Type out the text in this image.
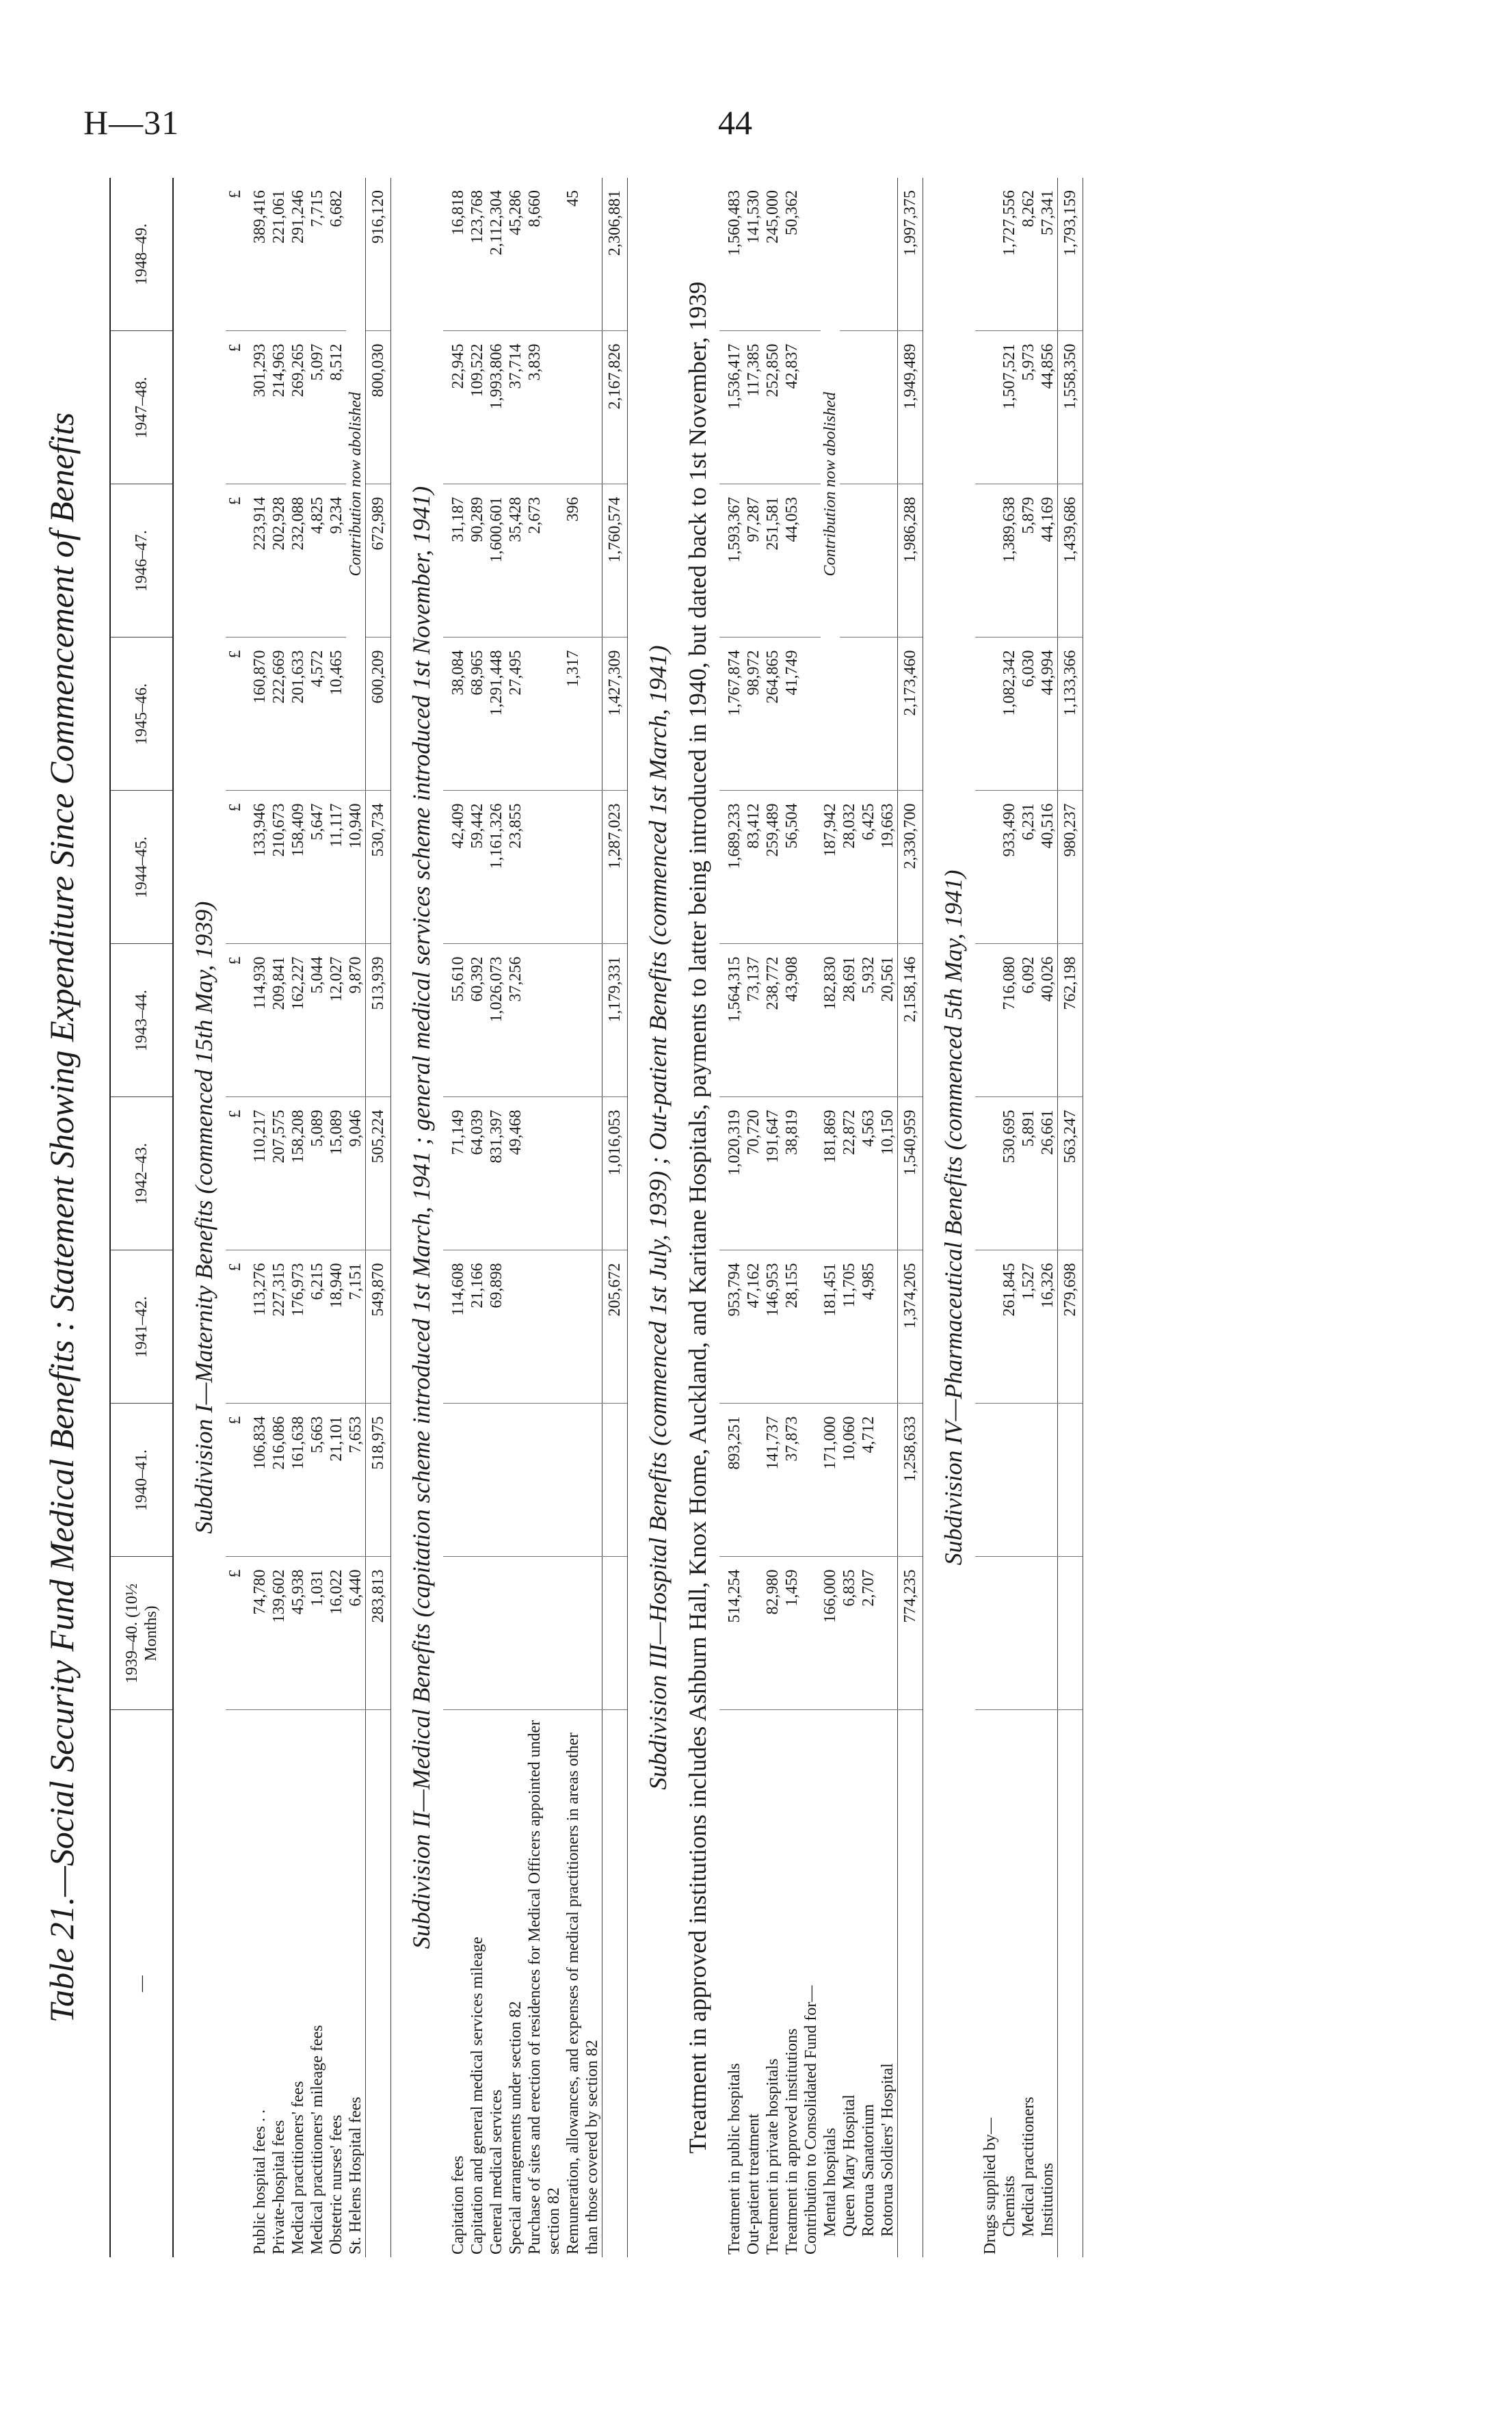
H—31	44
Table 21.—Social Security Fund Medical Benefits : Statement Showing Expenditure Since Commencement of Benefits	—	1939–40. (10½ Months)	1940–41.	1941–42.	1942–43.	1943–44.	1944–45.	1945–46.	1946–47.	1947–48.	1948–49.
Subdivision I—Maternity Benefits (commenced 15th May, 1939)										
	£	£	£	£	£	£	£	£	£	£
Public hospital fees . .	74,780	106,834	113,276	110,217	114,930	133,946	160,870	223,914	301,293	389,416
Private-hospital fees	139,602	216,086	227,315	207,575	209,841	210,673	222,669	202,928	214,963	221,061
Medical practitioners' fees	45,938	161,638	176,973	158,208	162,227	158,409	201,633	232,088	269,265	291,246
Medical practitioners' mileage fees	1,031	5,663	6,215	5,089	5,044	5,647	4,572	4,825	5,097	7,715
Obstetric nurses' fees	16,022	21,101	18,940	15,089	12,027	11,117	10,465	9,234	8,512	6,682
St. Helens Hospital fees	6,440	7,653	7,151	9,046	9,870	10,940	Contribution now abolished			
	283,813	518,975	549,870	505,224	513,939	530,734	600,209	672,989	800,030	916,120
Subdivision II—Medical Benefits (capitation scheme introduced 1st March, 1941 ; general medical services scheme introduced 1st November, 1941)										
Capitation fees			114,608	71,149	55,610	42,409	38,084	31,187	22,945	16,818
Capitation and general medical services mileage			21,166	64,039	60,392	59,442	68,965	90,289	109,522	123,768
General medical services			69,898	831,397	1,026,073	1,161,326	1,291,448	1,600,601	1,993,806	2,112,304
Special arrangements under section 82				49,468	37,256	23,855	27,495	35,428	37,714	45,286
Purchase of sites and erection of residences for Medical Officers appointed under section 82								2,673	3,839	8,660
Remuneration, allowances, and expenses of medical practitioners in areas other than those covered by section 82							1,317	396		45
			205,672	1,016,053	1,179,331	1,287,023	1,427,309	1,760,574	2,167,826	2,306,881
Subdivision III—Hospital Benefits (commenced 1st July, 1939) ; Out-patient Benefits (commenced 1st March, 1941)										
Treatment in approved institutions includes Ashburn Hall, Knox Home, Auckland, and Karitane Hospitals, payments to latter being introduced in 1940, but dated back to 1st November, 1939										
Treatment in public hospitals	514,254	893,251	953,794	1,020,319	1,564,315	1,689,233	1,767,874	1,593,367	1,536,417	1,560,483
Out-patient treatment			47,162	70,720	73,137	83,412	98,972	97,287	117,385	141,530
Treatment in private hospitals	82,980	141,737	146,953	191,647	238,772	259,489	264,865	251,581	252,850	245,000
Treatment in approved institutions	1,459	37,873	28,155	38,819	43,908	56,504	41,749	44,053	42,837	50,362
Contribution to Consolidated Fund for—										
Mental hospitals	166,000	171,000	181,451	181,869	182,830	187,942	Contribution now abolished			
Queen Mary Hospital	6,835	10,060	11,705	22,872	28,691	28,032				
Rotorua Sanatorium	2,707	4,712	4,985	4,563	5,932	6,425				
Rotorua Soldiers' Hospital				10,150	20,561	19,663				
	774,235	1,258,633	1,374,205	1,540,959	2,158,146	2,330,700	2,173,460	1,986,288	1,949,489	1,997,375
Subdivision IV—Pharmaceutical Benefits (commenced 5th May, 1941)										
Drugs supplied by—										
Chemists			261,845	530,695	716,080	933,490	1,082,342	1,389,638	1,507,521	1,727,556
Medical practitioners			1,527	5,891	6,092	6,231	6,030	5,879	5,973	8,262
Institutions			16,326	26,661	40,026	40,516	44,994	44,169	44,856	57,341
			279,698	563,247	762,198	980,237	1,133,366	1,439,686	1,558,350	1,793,159
